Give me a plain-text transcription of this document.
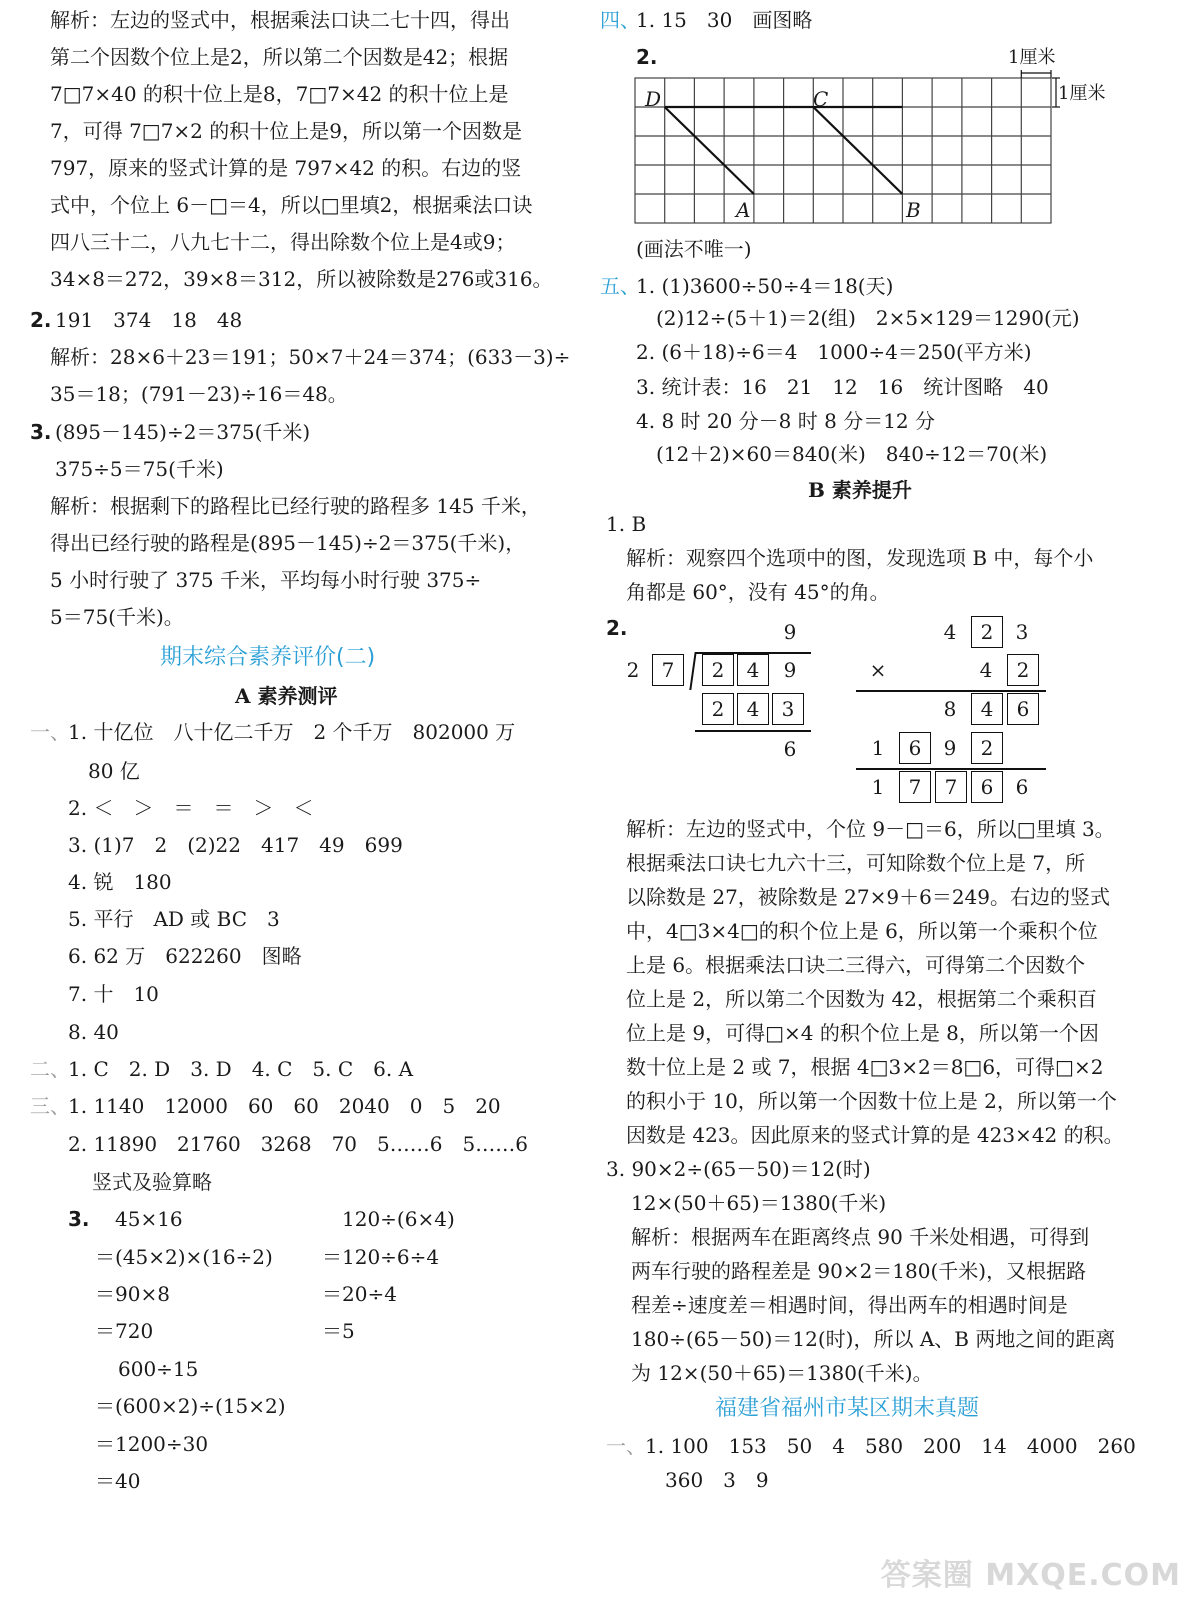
解析：左边的竖式中，根据乘法口诀二七十四，得出
第二个因数个位上是2，所以第二个因数是42；根据
7□7×40 的积十位上是8，7□7×42 的积十位上是
7，可得 7□7×2 的积十位上是9，所以第一个因数是
797，原来的竖式计算的是 797×42 的积。右边的竖
式中，个位上 6－□＝4，所以□里填2，根据乘法口诀
四八三十二，八九七十二，得出除数个位上是4或9；
34×8＝272，39×8＝312，所以被除数是276或316。
2. 191　374　18　48
解析：28×6＋23＝191；50×7＋24＝374；(633－3)÷
35＝18；(791－23)÷16＝48。
3. (895－145)÷2＝375(千米)
375÷5＝75(千米)
解析：根据剩下的路程比已经行驶的路程多 145 千米，
得出已经行驶的路程是(895－145)÷2＝375(千米)，
5 小时行驶了 375 千米，平均每小时行驶 375÷
5＝75(千米)。
期末综合素养评价(二)
A 素养测评
一、
1. 十亿位　八十亿二千万　2 个千万　802000 万
80 亿
2. ＜　＞　＝　＝　＞　＜
3. (1)7　2　(2)22　417　49　699
4. 锐　180
5. 平行　AD 或 BC　3
6. 62 万　622260　图略
7. 十　10
8. 40
二、
1. C　2. D　3. D　4. C　5. C　6. A
三、
1. 1140　12000　60　60　2040　0　5　20
2. 11890　21760　3268　70　5……6　5……6
竖式及验算略
3. 45×16
＝(45×2)×(16÷2)
＝90×8
＝720
120÷(6×4)
＝120÷6÷4
＝20÷4
＝5
600÷15
＝(600×2)÷(15×2)
＝1200÷30
＝40
四、
1. 15　30　画图略
2.	1厘米
1厘米
D	C
A	B
(画法不唯一)
五、
1. (1)3600÷50÷4＝18(天)
(2)12÷(5＋1)＝2(组)　2×5×129＝1290(元)
2. (6＋18)÷6＝4　1000÷4＝250(平方米)
3. 统计表：16　21　12　16　统计图略　40
4. 8 时 20 分－8 时 8 分＝12 分
(12＋2)×60＝840(米)　840÷12＝70(米)
B 素养提升
1. B
解析：观察四个选项中的图，发现选项 B 中，每个小
角都是 60°，没有 45°的角。
2.	9
2	7	2	4	9
2	4	3
6
4	2	3
×	4	2
8	4	6
1	6	9	2
1	7	7	6	6
解析：左边的竖式中，个位 9－□＝6，所以□里填 3。
根据乘法口诀七九六十三，可知除数个位上是 7，所
以除数是 27，被除数是 27×9＋6＝249。右边的竖式
中，4□3×4□的积个位上是 6，所以第一个乘积个位
上是 6。根据乘法口诀二三得六，可得第二个因数个
位上是 2，所以第二个因数为 42，根据第二个乘积百
位上是 9，可得□×4 的积个位上是 8，所以第一个因
数十位上是 2 或 7，根据 4□3×2＝8□6，可得□×2
的积小于 10，所以第一个因数十位上是 2，所以第一个
因数是 423。因此原来的竖式计算的是 423×42 的积。
3. 90×2÷(65－50)＝12(时)
12×(50＋65)＝1380(千米)
解析：根据两车在距离终点 90 千米处相遇，可得到
两车行驶的路程差是 90×2＝180(千米)，又根据路
程差÷速度差＝相遇时间，得出两车的相遇时间是
180÷(65－50)＝12(时)，所以 A、B 两地之间的距离
为 12×(50＋65)＝1380(千米)。
福建省福州市某区期末真题
一、 1. 100　153　50　4　580　200　14　4000　260
360　3　9
答案圈 MXQE.COM
